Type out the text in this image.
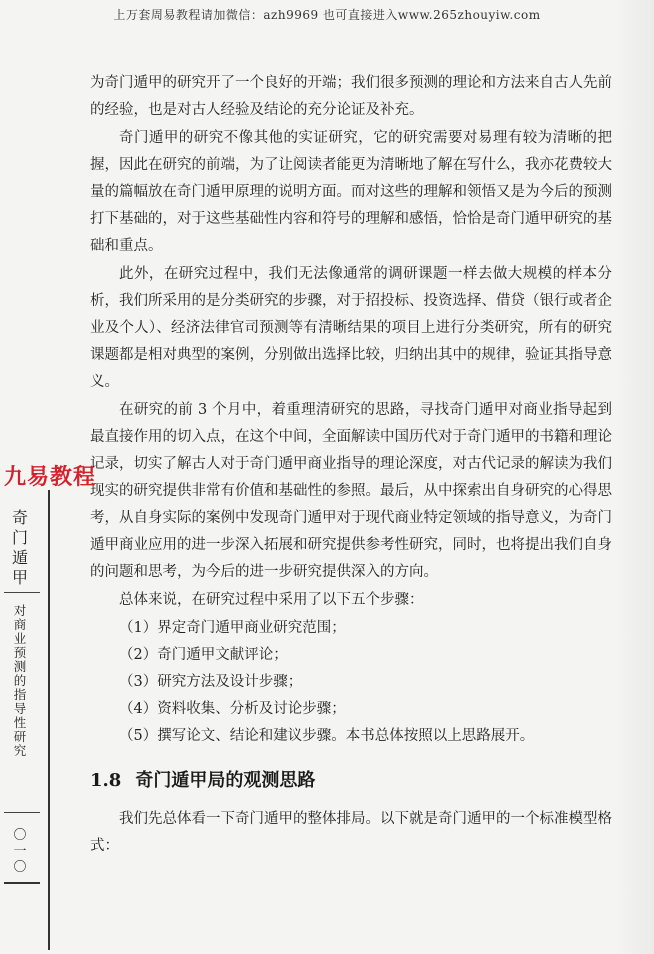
上万套周易教程请加微信：azh9969 也可直接进入www.265zhouyiw.com

为奇门遁甲的研究开了一个良好的开端；我们很多预测的理论和方法来自古人先前的经验，也是对古人经验及结论的充分论证及补充。

奇门遁甲的研究不像其他的实证研究，它的研究需要对易理有较为清晰的把握，因此在研究的前端，为了让阅读者能更为清晰地了解在写什么，我亦花费较大量的篇幅放在奇门遁甲原理的说明方面。而对这些的理解和领悟又是为今后的预测打下基础的，对于这些基础性内容和符号的理解和感悟，恰恰是奇门遁甲研究的基础和重点。

此外，在研究过程中，我们无法像通常的调研课题一样去做大规模的样本分析，我们所采用的是分类研究的步骤，对于招投标、投资选择、借贷（银行或者企业及个人）、经济法律官司预测等有清晰结果的项目上进行分类研究，所有的研究课题都是相对典型的案例，分别做出选择比较，归纳出其中的规律，验证其指导意义。

在研究的前 3 个月中，着重理清研究的思路，寻找奇门遁甲对商业指导起到最直接作用的切入点，在这个中间，全面解读中国历代对于奇门遁甲的书籍和理论记录，切实了解古人对于奇门遁甲商业指导的理论深度，对古代记录的解读为我们现实的研究提供非常有价值和基础性的参照。最后，从中探索出自身研究的心得思考，从自身实际的案例中发现奇门遁甲对于现代商业特定领域的指导意义，为奇门遁甲商业应用的进一步深入拓展和研究提供参考性研究，同时，也将提出我们自身的问题和思考，为今后的进一步研究提供深入的方向。

总体来说，在研究过程中采用了以下五个步骤：

（1）界定奇门遁甲商业研究范围；

（2）奇门遁甲文献评论；

（3）研究方法及设计步骤；

（4）资料收集、分析及讨论步骤；

（5）撰写论文、结论和建议步骤。本书总体按照以上思路展开。

1.8 奇门遁甲局的观测思路

我们先总体看一下奇门遁甲的整体排局。以下就是奇门遁甲的一个标准模型格式：

九易教程
奇门遁甲
对商业预测的指导性研究
〇一〇
